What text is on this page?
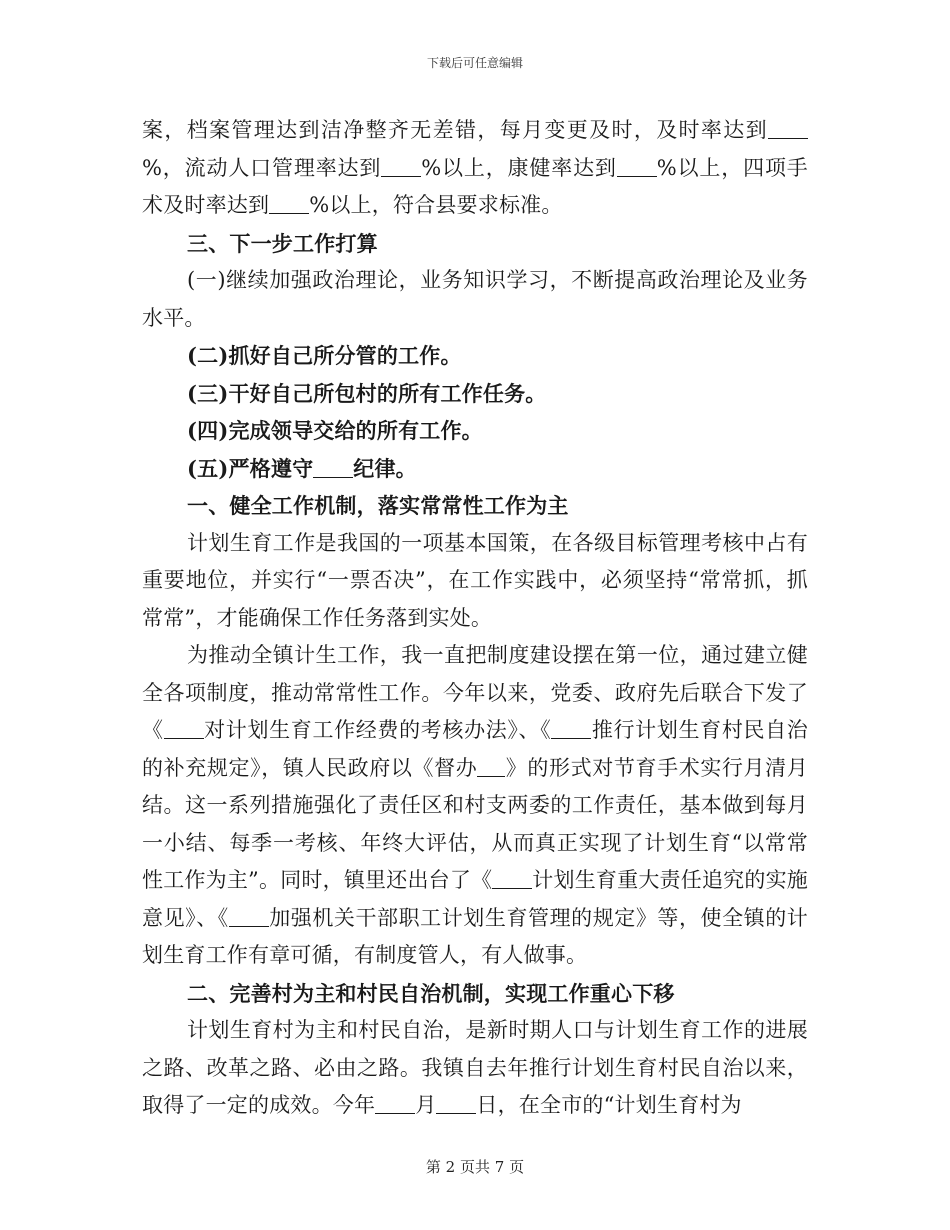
下载后可任意编辑

案，档案管理达到洁净整齐无差错，每月变更及时，及时率达到%，流动人口管理率达到 %以上，康健率达到 %以上，四项手术及时率达到 %以上，符合县要求标准。

三、下一步工作打算

(一)继续加强政治理论，业务知识学习，不断提高政治理论及业务水平。

(二)抓好自己所分管的工作。

(三)干好自己所包村的所有工作任务。

(四)完成领导交给的所有工作。

(五)严格遵守 纪律。

一、健全工作机制，落实常常性工作为主

计划生育工作是我国的一项基本国策，在各级目标管理考核中占有重要地位，并实行“一票否决”，在工作实践中，必须坚持“常常抓，抓常常”，才能确保工作任务落到实处。

为推动全镇计生工作，我一直把制度建设摆在第一位，通过建立健全各项制度，推动常常性工作。今年以来，党委、政府先后联合下发了《 对计划生育工作经费的考核办法》、《 推行计划生育村民自治的补充规定》，镇人民政府以《督办 》的形式对节育手术实行月清月结。这一系列措施强化了责任区和村支两委的工作责任，基本做到每月一小结、每季一考核、年终大评估，从而真正实现了计划生育“以常常性工作为主”。同时，镇里还出台了《 计划生育重大责任追究的实施意见》、《 加强机关干部职工计划生育管理的规定》等，使全镇的计划生育工作有章可循，有制度管人，有人做事。

二、完善村为主和村民自治机制，实现工作重心下移

计划生育村为主和村民自治，是新时期人口与计划生育工作的进展之路、改革之路、必由之路。我镇自去年推行计划生育村民自治以来，取得了一定的成效。今年 月 日，在全市的“计划生育村为

第 2 页共 7 页
